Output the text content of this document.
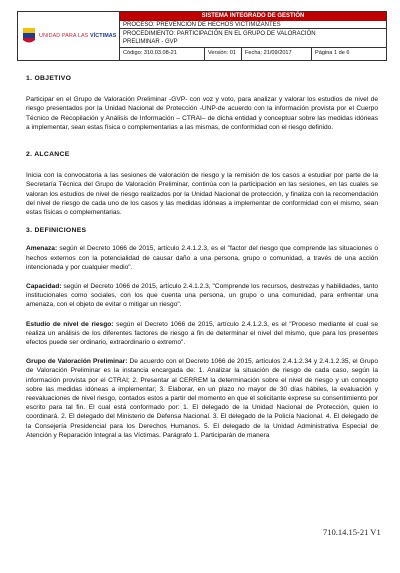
UNIDAD PARA LAS VÍCTIMAS
SISTEMA INTEGRADO DE GESTIÓN
PROCESO: PREVENCIÓN DE HECHOS VICTIMIZANTES
PROCEDIMIENTO: PARTICIPACIÓN EN EL GRUPO DE VALORACIÓN
PRELIMINAR - GVP
Código: 310.03.08-21	Versión: 01	Fecha: 21/09/2017	Página 1 de 6
1. OBJETIVO

Participar en el Grupo de Valoración Preliminar -GVP- con voz y voto, para analizar y valorar los estudios de nivel de riesgo presentados por la Unidad Nacional de Protección -UNP-de acuerdo con la información provista por el Cuerpo Técnico de Recopilación y Análisis de Información – CTRAI– de dicha entidad y conceptuar sobre las medidas idóneas a implementar, sean estas física o complementarias a las mismas, de conformidad con el riesgo definido.

2. ALCANCE

Inicia con la convocatoria a las sesiones de valoración de riesgo y la remisión de los casos a estudiar por parte de la Secretaría Técnica del Grupo de Valoración Preliminar, continúa con la participación en las sesiones, en las cuales se valoran los estudios de nivel de riesgo realizados por la Unidad Nacional de protección, y finaliza con la recomendación del nivel de riesgo de cada uno de los casos y las medidas idóneas a implementar de conformidad con el mismo, sean estas físicas o complementarias.

3. DEFINICIONES

Amenaza: según el Decreto 1066 de 2015, artículo 2.4.1.2.3, es el "factor del riesgo que comprende las situaciones o hechos externos con la potencialidad de causar daño a una persona, grupo o comunidad, a través de una acción intencionada y por cualquier medio".

Capacidad: según el Decreto 1066 de 2015, artículo 2.4.1.2.3, "Comprende los recursos, destrezas y habilidades, tanto institucionales como sociales, con los que cuenta una persona, un grupo o una comunidad, para enfrentar una amenaza, con el objeto de evitar o mitigar un riesgo".

Estudio de nivel de riesgo: según el Decreto 1066 de 2015, artículo 2.4.1.2.3, es el "Proceso mediante el cual se realiza un análisis de los diferentes factores de riesgo a fin de determinar el nivel del mismo, que para los presentes efectos puede ser ordinario, extraordinario o extremo".

Grupo de Valoración Preliminar: De acuerdo con el Decreto 1066 de 2015, artículos 2.4.1.2.34 y 2.4.1.2.35, el Grupo de Valoración Preliminar es la instancia encargada de: 1. Analizar la situación de riesgo de cada caso, según la información provista por el CTRAI; 2. Presentar al CERREM la determinación sobre el nivel de riesgo y un concepto sobre las medidas idóneas a implementar; 3. Elaborar, en un plazo no mayor de 30 días hábiles, la evaluación y reevaluaciones de nivel riesgo, contados estos a partir del momento en que el solicitante exprese su consentimiento por escrito para tal fin. El cual está conformado por: 1. El delegado de la Unidad Nacional de Protección, quien lo coordinará. 2. El delegado del Ministerio de Defensa Nacional. 3. El delegado de la Policía Nacional. 4. El delegado de la Consejería Presidencial para los Derechos Humanos. 5. El delegado de la Unidad Administrativa Especial de Atención y Reparación Integral a las Víctimas. Parágrafo 1. Participarán de manera

710.14.15-21 V1
